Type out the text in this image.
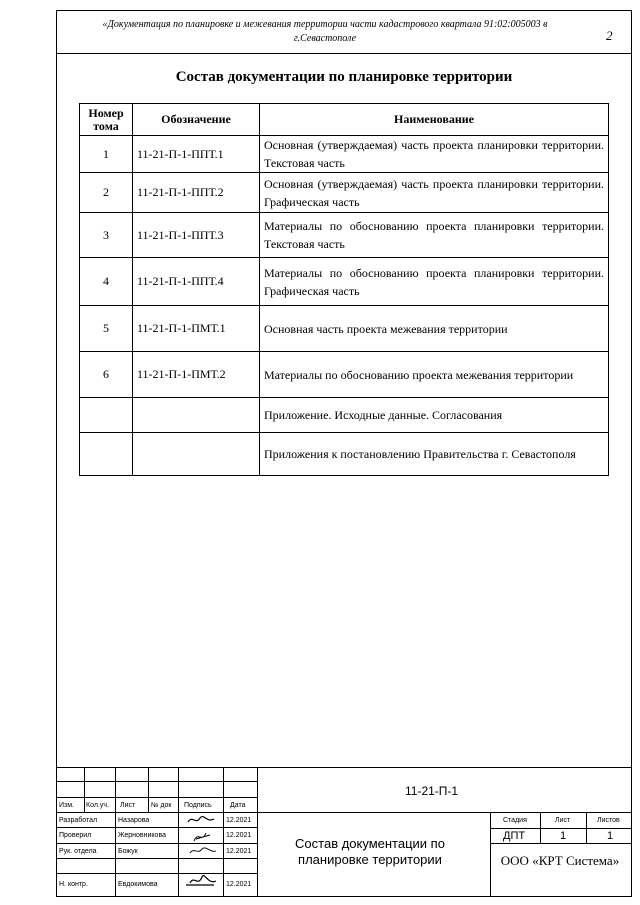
«Документация по планировке и межевания территории части кадастрового квартала 91:02:005003 в
г.Севастополе	2
Состав документации по планировке территории
Номер тома	Обозначение	Наименование
1	11-21-П-1-ППТ.1	Основная (утверждаемая) часть проекта планировки территории. Текстовая часть
2	11-21-П-1-ППТ.2	Основная (утверждаемая) часть проекта планировки территории. Графическая часть
3	11-21-П-1-ППТ.3	Материалы по обоснованию проекта планировки территории. Текстовая часть
4	11-21-П-1-ППТ.4	Материалы по обоснованию проекта планировки территории. Графическая часть
5	11-21-П-1-ПМТ.1	Основная часть проекта межевания территории
6	11-21-П-1-ПМТ.2	Материалы по обоснованию проекта межевания территории
		Приложение. Исходные данные. Согласования
		Приложения к постановлению Правительства г. Севастополя
Изм. Кол.уч. Лист № док Подпись	Дата
Разработал	Назарова	12.2021
Проверил	Жерновникова	12.2021
Рук. отдела	Божук	12.2021
Н. контр.	Евдокимова	12.2021
11-21-П-1
Состав документации по планировке территории
Стадия	Лист	Листов
ДПТ	1	1
ООО «КРТ Система»
